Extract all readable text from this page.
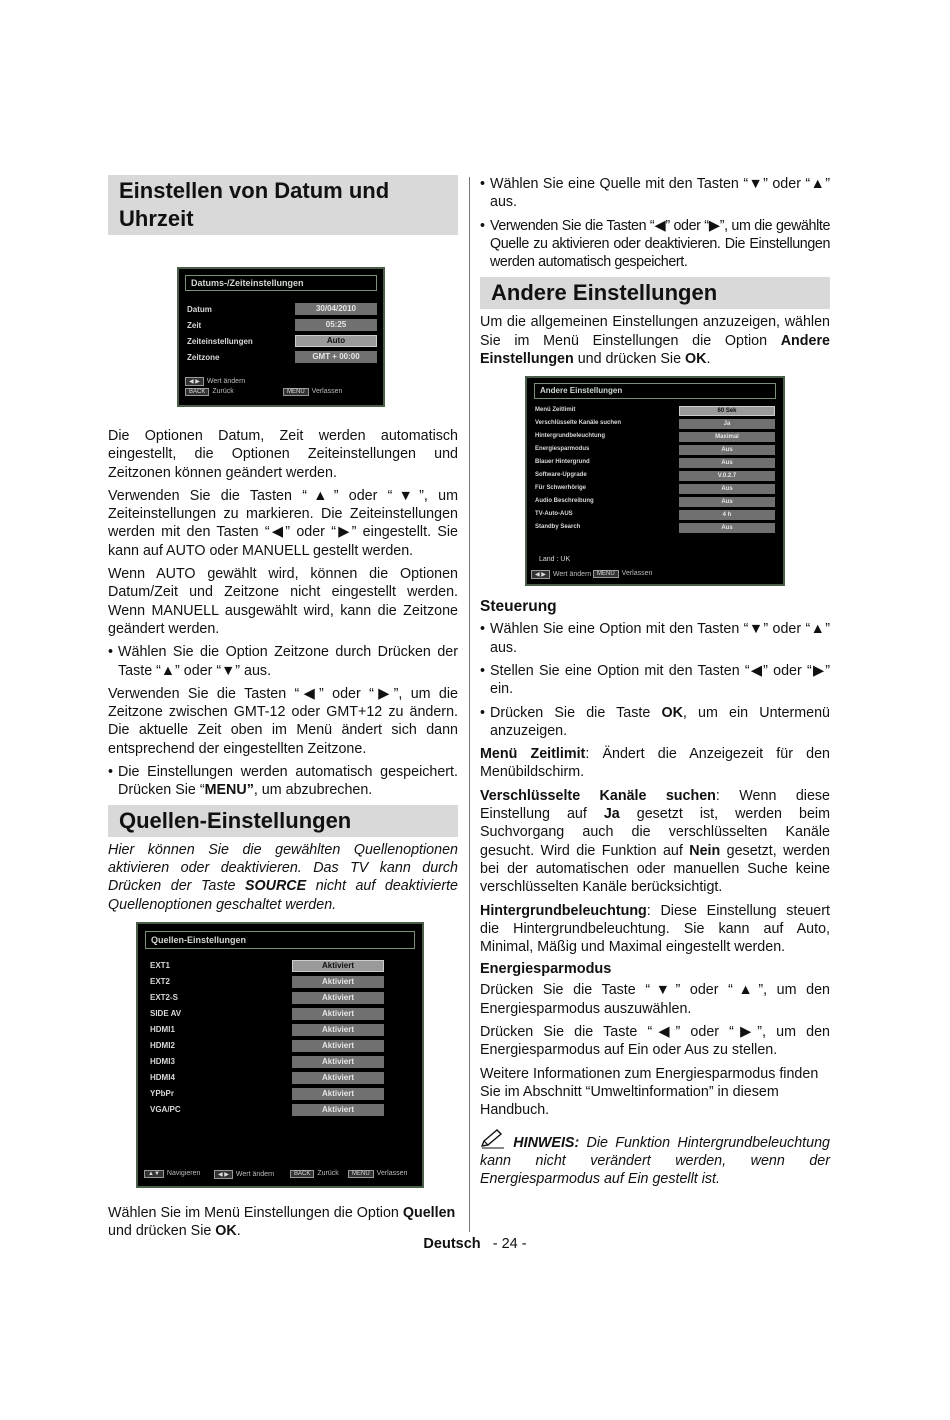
Einstellen von Datum und Uhrzeit
Datums-/Zeiteinstellungen
Datum	30/04/2010
Zeit	05:25
Zeiteinstellungen	Auto
Zeitzone	GMT + 00:00
◀ ▶ Wert ändern
BACK Zurück	MENU Verlassen

Die Optionen Datum, Zeit werden automatisch eingestellt, die Optionen Zeiteinstellungen und Zeitzonen können geändert werden.

Verwenden Sie die Tasten “▲” oder “▼”, um Zeiteinstellungen zu markieren. Die Zeiteinstellungen werden mit den Tasten “◀” oder “▶” eingestellt. Sie kann auf AUTO oder MANUELL gestellt werden.

Wenn AUTO gewählt wird, können die Optionen Datum/Zeit und Zeitzone nicht eingestellt werden. Wenn MANUELL ausgewählt wird, kann die Zeitzone geändert werden.

• Wählen Sie die Option Zeitzone durch Drücken der Taste “▲” oder “▼” aus.

Verwenden Sie die Tasten “◀” oder “▶”, um die Zeitzone zwischen GMT-12 oder GMT+12 zu ändern. Die aktuelle Zeit oben im Menü ändert sich dann entsprechend der eingestellten Zeitzone.

• Die Einstellungen werden automatisch gespeichert. Drücken Sie “MENU”, um abzubrechen.

Quellen-Einstellungen

Hier können Sie die gewählten Quellenoptionen aktivieren oder deaktivieren. Das TV kann durch Drücken der Taste SOURCE nicht auf deaktivierte Quellenoptionen geschaltet werden.

Quellen-Einstellungen
EXT1	Aktiviert
EXT2	Aktiviert
EXT2-S	Aktiviert
SIDE AV	Aktiviert
HDMI1	Aktiviert
HDMI2	Aktiviert
HDMI3	Aktiviert
HDMI4	Aktiviert
YPbPr	Aktiviert
VGA/PC	Aktiviert
▲▼ Navigieren	◀ ▶ Wert ändern	BACK Zurück	MENU Verlassen

Wählen Sie im Menü Einstellungen die Option Quellen und drücken Sie OK.

• Wählen Sie eine Quelle mit den Tasten “▼” oder “▲” aus.

• Verwenden Sie die Tasten “◀” oder “▶”, um die gewählte Quelle zu aktivieren oder deaktivieren. Die Einstellungen werden automatisch gespeichert.

Andere Einstellungen

Um die allgemeinen Einstellungen anzuzeigen, wählen Sie im Menü Einstellungen die Option Andere Einstellungen und drücken Sie OK.

Andere Einstellungen
Menü Zeitlimit	60 Sek
Verschlüsselte Kanäle suchen	Ja
Hintergrundbeleuchtung	Maximal
Energiesparmodus	Aus
Blauer Hintergrund	Aus
Software-Upgrade	V.0.2.7
Für Schwerhörige	Aus
Audio Beschreibung	Aus
TV-Auto-AUS	4 h
Standby Search	Aus
Land : UK
◀ ▶ Wert ändern MENU Verlassen
Steuerung

• Wählen Sie eine Option mit den Tasten “▼” oder “▲” aus.

• Stellen Sie eine Option mit den Tasten “◀” oder “▶” ein.

• Drücken Sie die Taste OK, um ein Untermenü anzuzeigen.

Menü Zeitlimit: Ändert die Anzeigezeit für den Menübildschirm.

Verschlüsselte Kanäle suchen: Wenn diese Einstellung auf Ja gesetzt ist, werden beim Suchvorgang auch die verschlüsselten Kanäle gesucht. Wird die Funktion auf Nein gesetzt, werden bei der automatischen oder manuellen Suche keine verschlüsselten Kanäle berücksichtigt.

Hintergrundbeleuchtung: Diese Einstellung steuert die Hintergrundbeleuchtung. Sie kann auf Auto, Minimal, Mäßig und Maximal eingestellt werden.

Energiesparmodus

Drücken Sie die Taste “▼” oder “▲”, um den Energiesparmodus auszuwählen.

Drücken Sie die Taste “◀” oder “▶”, um den Energiesparmodus auf Ein oder Aus zu stellen.

Weitere Informationen zum Energiesparmodus finden Sie im Abschnitt “Umweltinformation” in diesem Handbuch.

HINWEIS: Die Funktion Hintergrundbeleuchtung kann nicht verändert werden, wenn der Energiesparmodus auf Ein gestellt ist.

Deutsch - 24 -
